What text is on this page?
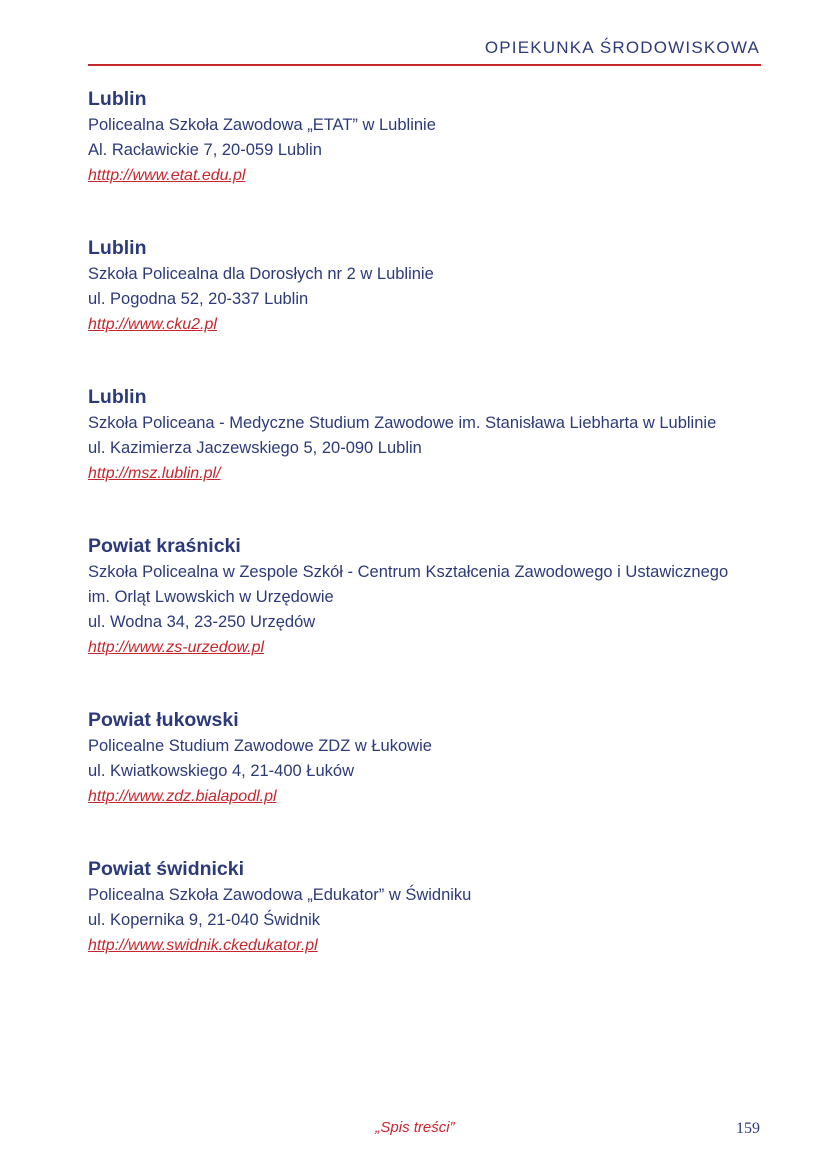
OPIEKUNKA ŚRODOWISKOWA
Lublin
Policealna Szkoła Zawodowa „ETAT” w Lublinie
Al. Racławickie 7, 20-059 Lublin
htttp://www.etat.edu.pl
Lublin
Szkoła Policealna dla Dorosłych nr 2 w Lublinie
ul. Pogodna 52, 20-337 Lublin
http://www.cku2.pl
Lublin
Szkoła Policeana - Medyczne Studium Zawodowe im. Stanisława Liebharta w Lublinie
ul. Kazimierza Jaczewskiego 5, 20-090 Lublin
http://msz.lublin.pl/
Powiat kraśnicki
Szkoła Policealna w Zespole Szkół - Centrum Kształcenia Zawodowego i Ustawicznego
im. Orląt Lwowskich w Urzędowie
ul. Wodna 34, 23-250 Urzędów
http://www.zs-urzedow.pl
Powiat łukowski
Policealne Studium Zawodowe ZDZ w Łukowie
ul. Kwiatkowskiego 4, 21-400 Łuków
http://www.zdz.bialapodl.pl
Powiat świdnicki
Policealna Szkoła Zawodowa „Edukator” w Świdniku
ul. Kopernika 9, 21-040 Świdnik
http://www.swidnik.ckedukator.pl
„Spis treści”	159
